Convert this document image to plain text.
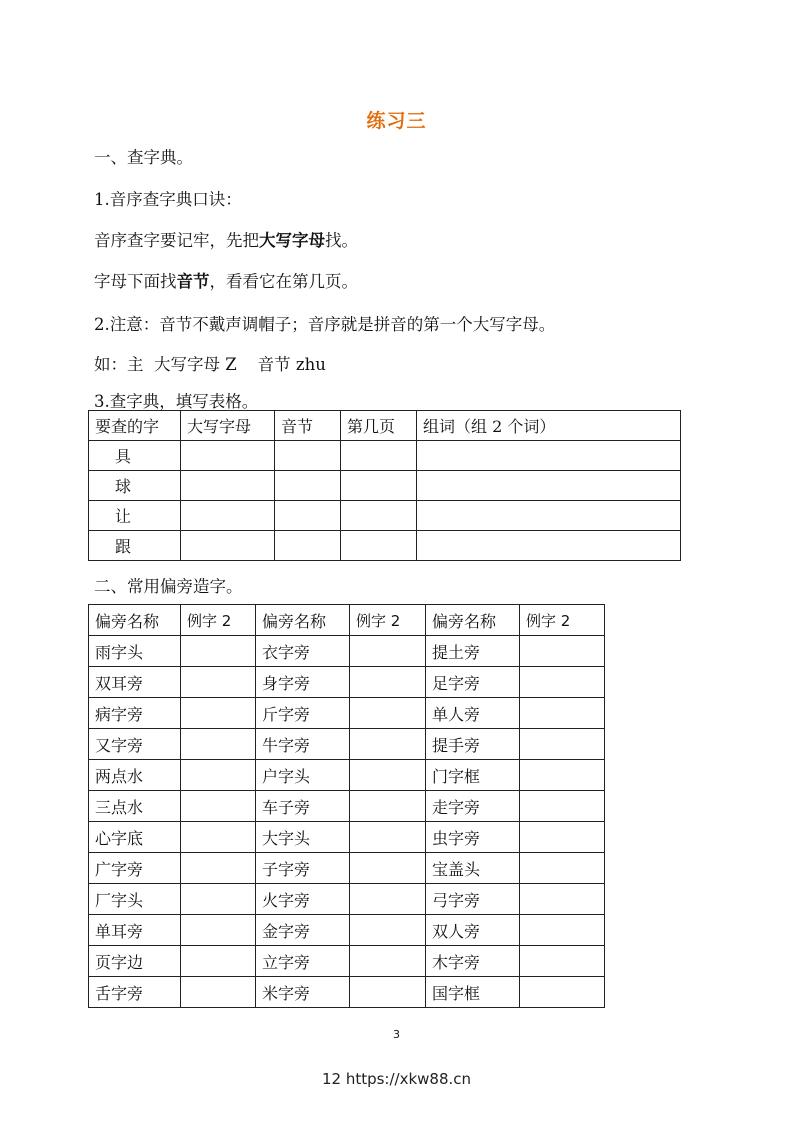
练习三
一、查字典。
1.音序查字典口诀：
音序查字要记牢，先把大写字母找。
字母下面找音节，看看它在第几页。
2.注意：音节不戴声调帽子；音序就是拼音的第一个大写字母。
如：主  大写字母 Z    音节 zhu
3.查字典，填写表格。
要查的字	大写字母	音节	第几页	组词（组 2 个词）
具				
球				
让				
跟				
二、常用偏旁造字。
偏旁名称	例字 2	偏旁名称	例字 2	偏旁名称	例字 2
雨字头		衣字旁		提土旁	
双耳旁		身字旁		足字旁	
病字旁		斤字旁		单人旁	
又字旁		牛字旁		提手旁	
两点水		户字头		门字框	
三点水		车子旁		走字旁	
心字底		大字头		虫字旁	
广字旁		子字旁		宝盖头	
厂字头		火字旁		弓字旁	
单耳旁		金字旁		双人旁	
页字边		立字旁		木字旁	
舌字旁		米字旁		国字框	
3
12 https://xkw88.cn
